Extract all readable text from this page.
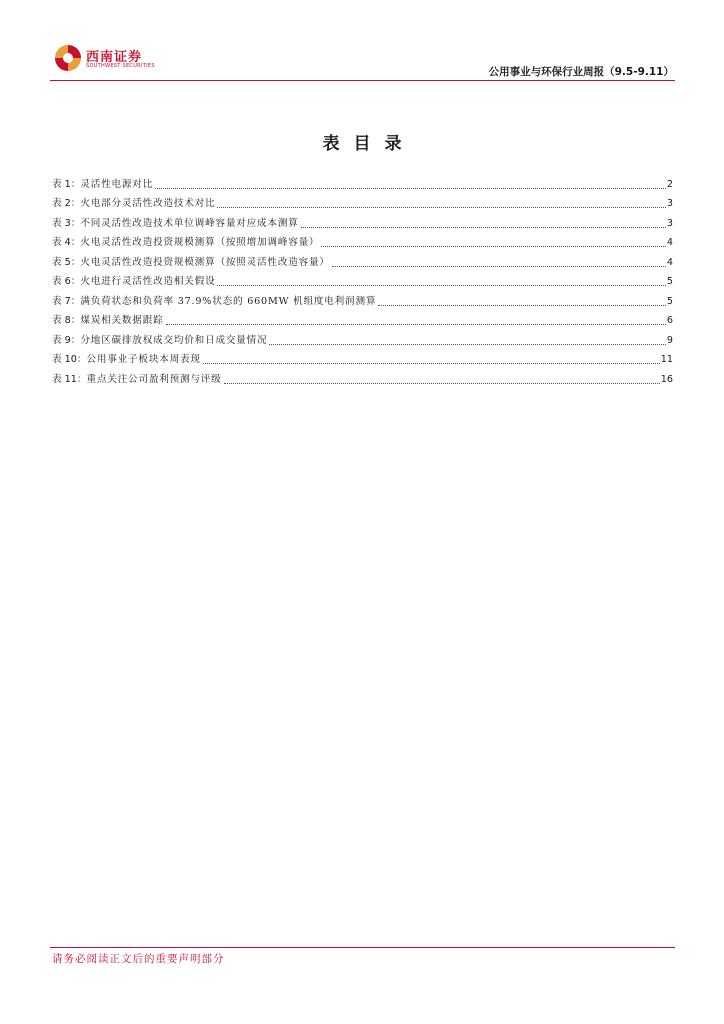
西南证券
SOUTHWEST SECURITIES	公用事业与环保行业周报（9.5-9.11）
表目录
表 1： 灵活性电源对比	2
表 2： 火电部分灵活性改造技术对比	3
表 3： 不同灵活性改造技术单位调峰容量对应成本测算	3
表 4： 火电灵活性改造投资规模测算（按照增加调峰容量）	4
表 5： 火电灵活性改造投资规模测算（按照灵活性改造容量）	4
表 6： 火电进行灵活性改造相关假设	5
表 7： 满负荷状态和负荷率 37.9%状态的 660MW 机组度电利润测算	5
表 8： 煤炭相关数据跟踪	6
表 9： 分地区碳排放权成交均价和日成交量情况	9
表 10： 公用事业子板块本周表现	11
表 11： 重点关注公司盈利预测与评级	16
请务必阅读正文后的重要声明部分
